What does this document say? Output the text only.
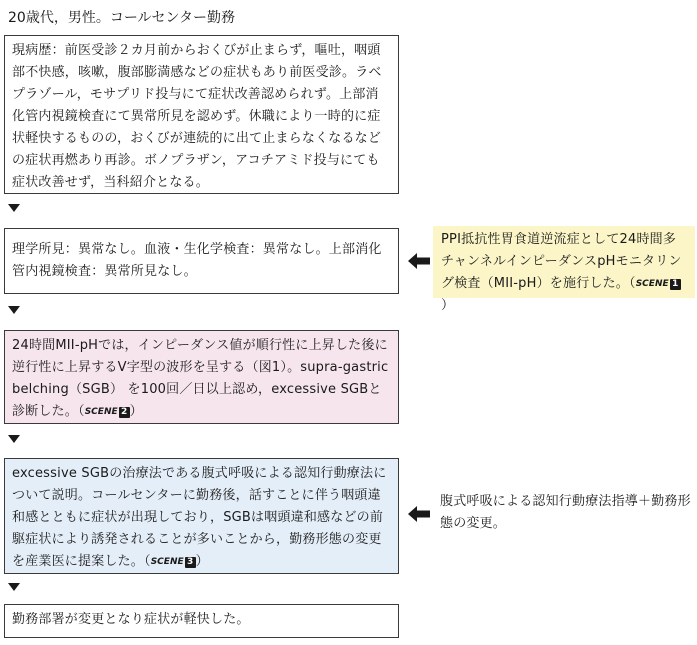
20歳代，男性。コールセンター勤務

現病歴：前医受診２カ月前からおくびが止まらず，嘔吐，咽頭部不快感，咳嗽，腹部膨満感などの症状もあり前医受診。ラベプラゾール，モサプリド投与にて症状改善認められず。上部消化管内視鏡検査にて異常所見を認めず。休職により一時的に症状軽快するものの，おくびが連続的に出て止まらなくなるなどの症状再燃あり再診。ボノプラザン，アコチアミド投与にても症状改善せず，当科紹介となる。

理学所見：異常なし。血液・生化学検査：異常なし。上部消化管内視鏡検査：異常所見なし。

24時間MII-pHでは，インピーダンス値が順行性に上昇した後に逆行性に上昇するV字型の波形を呈する（図1）。supra-gastric belching（SGB） を100回／日以上認め，excessive SGBと診断した。（SCENE 2 ）

excessive SGBの治療法である腹式呼吸による認知行動療法について説明。コールセンターに勤務後，話すことに伴う咽頭違和感とともに症状が出現しており，SGBは咽頭違和感などの前駆症状により誘発されることが多いことから，勤務形態の変更を産業医に提案した。（SCENE 3 ）

勤務部署が変更となり症状が軽快した。

PPI抵抗性胃食道逆流症として24時間多チャンネルインピーダンスpHモニタリング検査（MII-pH）を施行した。（SCENE 1）
腹式呼吸による認知行動療法指導＋勤務形態の変更。
